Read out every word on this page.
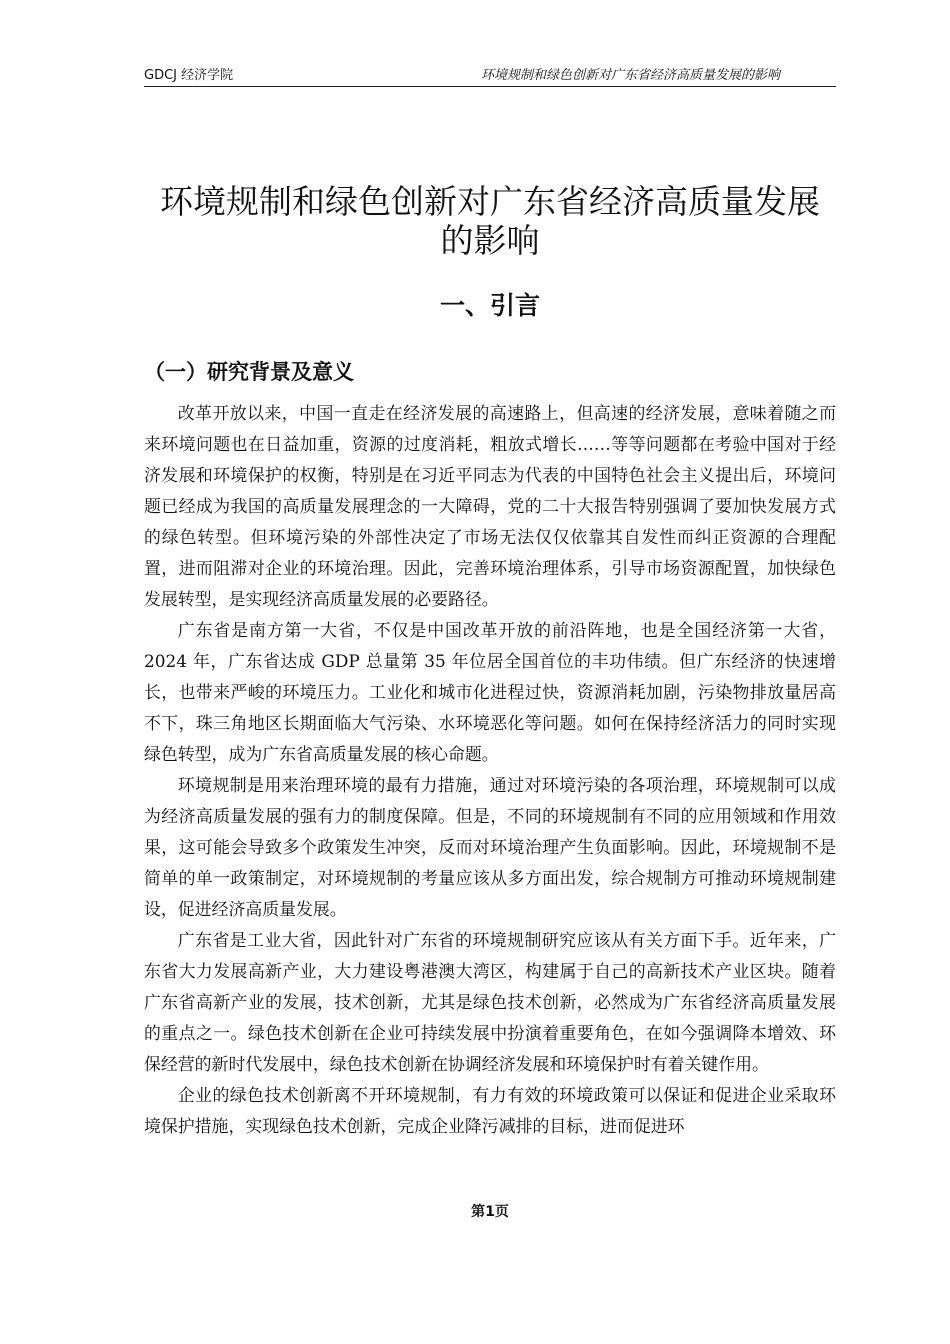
GDCJ 经济学院	环境规制和绿色创新对广东省经济高质量发展的影响
环境规制和绿色创新对广东省经济高质量发展的影响
一、引言
（一）研究背景及意义

改革开放以来，中国一直走在经济发展的高速路上，但高速的经济发展，意味着随之而来环境问题也在日益加重，资源的过度消耗，粗放式增长……等等问题都在考验中国对于经济发展和环境保护的权衡，特别是在习近平同志为代表的中国特色社会主义提出后，环境问题已经成为我国的高质量发展理念的一大障碍，党的二十大报告特别强调了要加快发展方式的绿色转型。但环境污染的外部性决定了市场无法仅仅依靠其自发性而纠正资源的合理配置，进而阻滞对企业的环境治理。因此，完善环境治理体系，引导市场资源配置，加快绿色发展转型，是实现经济高质量发展的必要路径。

广东省是南方第一大省，不仅是中国改革开放的前沿阵地，也是全国经济第一大省，2024 年，广东省达成 GDP 总量第 35 年位居全国首位的丰功伟绩。但广东经济的快速增长，也带来严峻的环境压力。工业化和城市化进程过快，资源消耗加剧，污染物排放量居高不下，珠三角地区长期面临大气污染、水环境恶化等问题。如何在保持经济活力的同时实现绿色转型，成为广东省高质量发展的核心命题。

环境规制是用来治理环境的最有力措施，通过对环境污染的各项治理，环境规制可以成为经济高质量发展的强有力的制度保障。但是，不同的环境规制有不同的应用领域和作用效果，这可能会导致多个政策发生冲突，反而对环境治理产生负面影响。因此，环境规制不是简单的单一政策制定，对环境规制的考量应该从多方面出发，综合规制方可推动环境规制建设，促进经济高质量发展。

广东省是工业大省，因此针对广东省的环境规制研究应该从有关方面下手。近年来，广东省大力发展高新产业，大力建设粤港澳大湾区，构建属于自己的高新技术产业区块。随着广东省高新产业的发展，技术创新，尤其是绿色技术创新，必然成为广东省经济高质量发展的重点之一。绿色技术创新在企业可持续发展中扮演着重要角色，在如今强调降本增效、环保经营的新时代发展中，绿色技术创新在协调经济发展和环境保护时有着关键作用。

企业的绿色技术创新离不开环境规制，有力有效的环境政策可以保证和促进企业采取环境保护措施，实现绿色技术创新，完成企业降污减排的目标，进而促进环

第1页
